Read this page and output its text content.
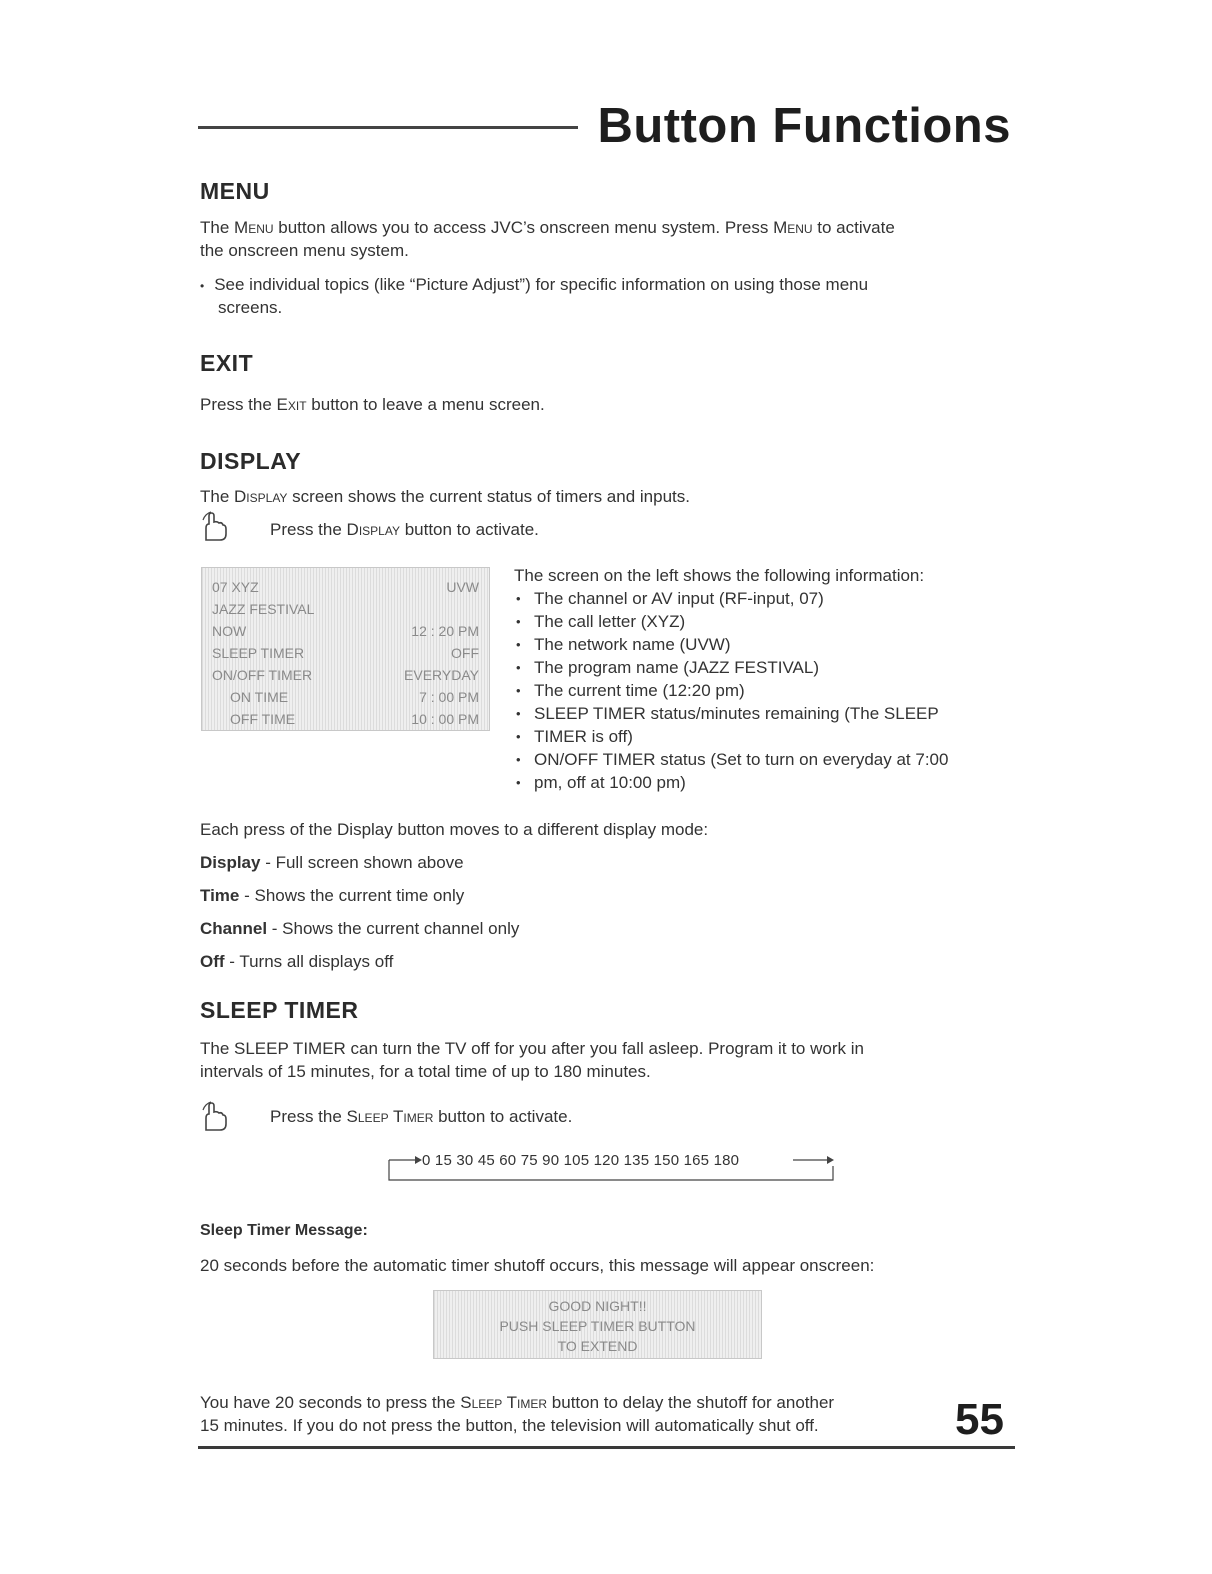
Button Functions
MENU

The Menu button allows you to access JVC’s onscreen menu system. Press Menu to activate

the onscreen menu system.

• See individual topics (like “Picture Adjust”) for specific information on using those menu

screens.

EXIT

Press the Exit button to leave a menu screen.

DISPLAY

The Display screen shows the current status of timers and inputs.

Press the Display button to activate.

07 XYZ	UVW
JAZZ FESTIVAL
NOW	12 : 20 PM
SLEEP TIMER	OFF
ON/OFF TIMER	EVERYDAY
ON TIME	7 : 00 PM
OFF TIME	10 : 00 PM

The screen on the left shows the following information:

• The channel or AV input (RF-input, 07)
• The call letter (XYZ)
• The network name (UVW)
• The program name (JAZZ FESTIVAL)
• The current time (12:20 pm)
• SLEEP TIMER status/minutes remaining (The SLEEP
• TIMER is off)
• ON/OFF TIMER status (Set to turn on everyday at 7:00
• pm, off at 10:00 pm)

Each press of the Display button moves to a different display mode:

Display - Full screen shown above

Time - Shows the current time only

Channel - Shows the current channel only

Off - Turns all displays off

SLEEP TIMER

The SLEEP TIMER can turn the TV off for you after you fall asleep. Program it to work in

intervals of 15 minutes, for a total time of up to 180 minutes.

Press the Sleep Timer button to activate.

0 15 30 45 60 75 90 105 120 135 150 165 180

Sleep Timer Message:

20 seconds before the automatic timer shutoff occurs, this message will appear onscreen:

GOOD NIGHT!!
PUSH SLEEP TIMER BUTTON
TO EXTEND

You have 20 seconds to press the Sleep Timer button to delay the shutoff for another

15 minutes. If you do not press the button, the television will automatically shut off.	55
